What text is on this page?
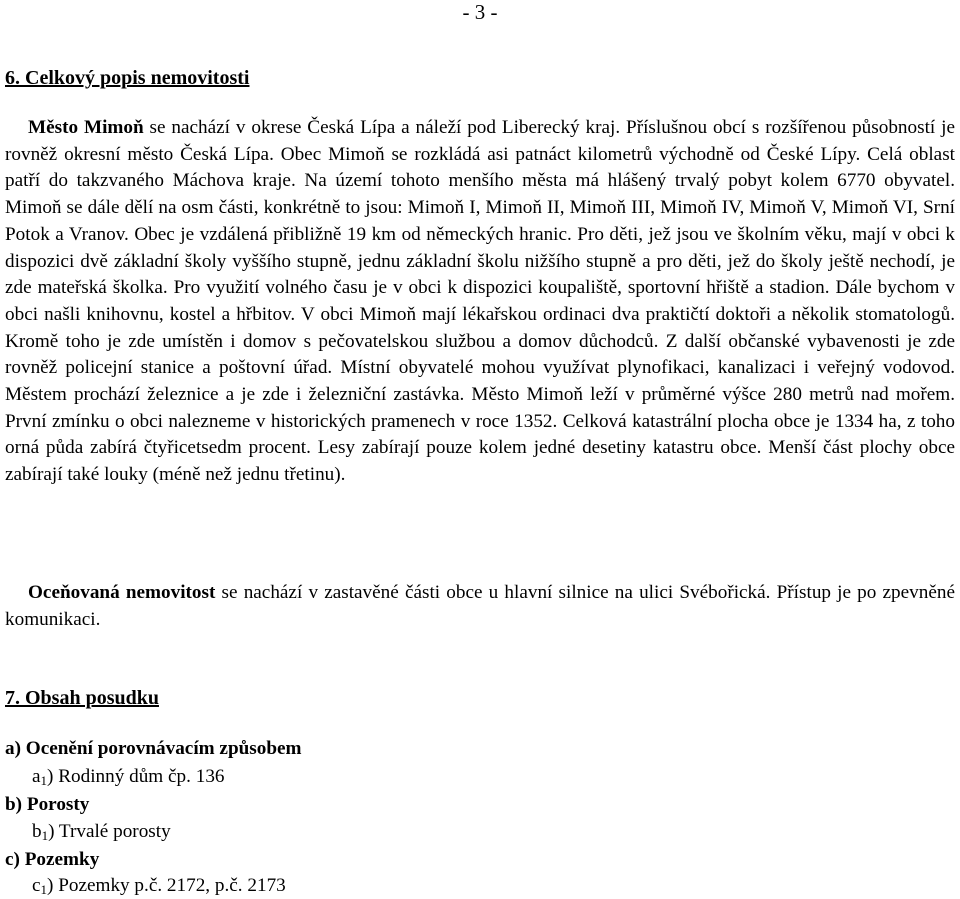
- 3 -
6. Celkový popis nemovitosti
Město Mimoň se nachází v okrese Česká Lípa a náleží pod Liberecký kraj. Příslušnou obcí s rozšířenou působností je rovněž okresní město Česká Lípa. Obec Mimoň se rozkládá asi patnáct kilometrů východně od České Lípy. Celá oblast patří do takzvaného Máchova kraje. Na území tohoto menšího města má hlášený trvalý pobyt kolem 6770 obyvatel. Mimoň se dále dělí na osm části, konkrétně to jsou: Mimoň I, Mimoň II, Mimoň III, Mimoň IV, Mimoň V, Mimoň VI, Srní Potok a Vranov. Obec je vzdálená přibližně 19 km od německých hranic. Pro děti, jež jsou ve školním věku, mají v obci k dispozici dvě základní školy vyššího stupně, jednu základní školu nižšího stupně a pro děti, jež do školy ještě nechodí, je zde mateřská školka. Pro využití volného času je v obci k dispozici koupaliště, sportovní hřiště a stadion. Dále bychom v obci našli knihovnu, kostel a hřbitov. V obci Mimoň mají lékařskou ordinaci dva praktičtí doktoři a několik stomatologů. Kromě toho je zde umístěn i domov s pečovatelskou službou a domov důchodců. Z další občanské vybavenosti je zde rovněž policejní stanice a poštovní úřad. Místní obyvatelé mohou využívat plynofikaci, kanalizaci i veřejný vodovod. Městem prochází železnice a je zde i železniční zastávka. Město Mimoň leží v průměrné výšce 280 metrů nad mořem. První zmínku o obci nalezneme v historických pramenech v roce 1352. Celková katastrální plocha obce je 1334 ha, z toho orná půda zabírá čtyřicetsedm procent. Lesy zabírají pouze kolem jedné desetiny katastru obce. Menší část plochy obce zabírají také louky (méně než jednu třetinu).
Oceňovaná nemovitost se nachází v zastavěné části obce u hlavní silnice na ulici Svébořická. Přístup je po zpevněné komunikaci.
7. Obsah posudku
a) Ocenění porovnávacím způsobem
$a_1$) Rodinný dům čp. 136
b) Porosty
$b_1$) Trvalé porosty
c) Pozemky
$c_1$) Pozemky p.č. 2172, p.č. 2173
